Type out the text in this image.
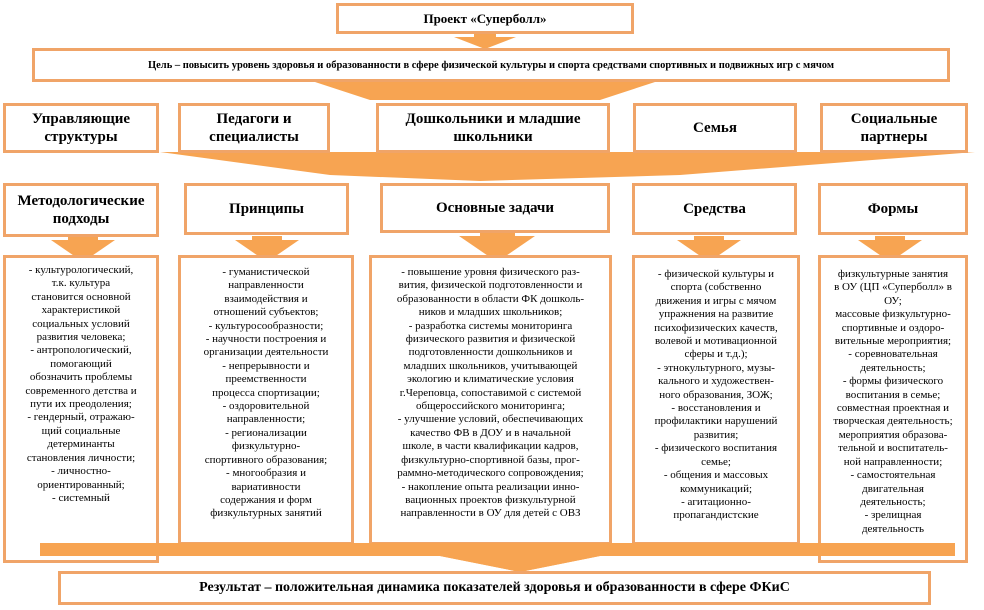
Проект «Суперболл»
Цель – повысить уровень здоровья и образованности в сфере физической культуры и спорта средствами спортивных и подвижных игр с мячом
Управляющие структуры
Педагоги и специалисты
Дошкольники и младшие школьники
Семья
Социальные партнеры
Методологические подходы
Принципы	Основные задачи	Средства	Формы
- культурологический,
т.к. культура
становится основной
характеристикой
социальных условий
развития человека;
- антропологический,
помогающий
обозначить проблемы
современного детства и
пути их преодоления;
- гендерный, отражаю-
щий социальные
детерминанты
становления личности;
- личностно-
ориентированный;
- системный
- гуманистической
направленности
взаимодействия и
отношений субъектов;
- культуросообразности;
- научности построения и
организации деятельности
- непрерывности и
преемственности
процесса спортизации;
- оздоровительной
направленности;
- регионализации
физкультурно-
спортивного образования;
- многообразия и
вариативности
содержания и форм
физкультурных занятий
- повышение уровня физического раз-
вития, физической подготовленности и
образованности в области ФК дошколь-
ников и младших школьников;
- разработка системы мониторинга
физического развития и физической
подготовленности дошкольников и
младших школьников, учитывающей
экологию и климатические условия
г.Череповца, сопоставимой с системой
общероссийского мониторинга;
- улучшение условий, обеспечивающих
качество ФВ в ДОУ и в начальной
школе, в части квалификации кадров,
физкультурно-спортивной базы, прог-
раммно-методического сопровождения;
- накопление опыта реализации инно-
вационных проектов физкультурной
направленности в ОУ для детей с ОВЗ
- физической культуры и
спорта (собственно
движения и игры с мячом
упражнения на развитие
психофизических качеств,
волевой и мотивационной
сферы и т.д.);
- этнокультурного, музы-
кального и художествен-
ного образования, ЗОЖ;
- восстановления и
профилактики нарушений
развития;
- физического воспитания
семье;
- общения и массовых
коммуникаций;
- агитационно-
пропагандистские
физкультурные занятия
в ОУ (ЦП «Суперболл» в ОУ;
массовые физкультурно-
спортивные и оздоро-
вительные мероприятия;
- соревновательная
деятельность;
- формы физического
воспитания в семье;
совместная проектная и
творческая деятельность;
мероприятия образова-
тельной и воспитатель-
ной направленности;
- самостоятельная
двигательная
деятельность;
- зрелищная
деятельность
Результат – положительная динамика показателей здоровья и образованности в сфере ФКиС
